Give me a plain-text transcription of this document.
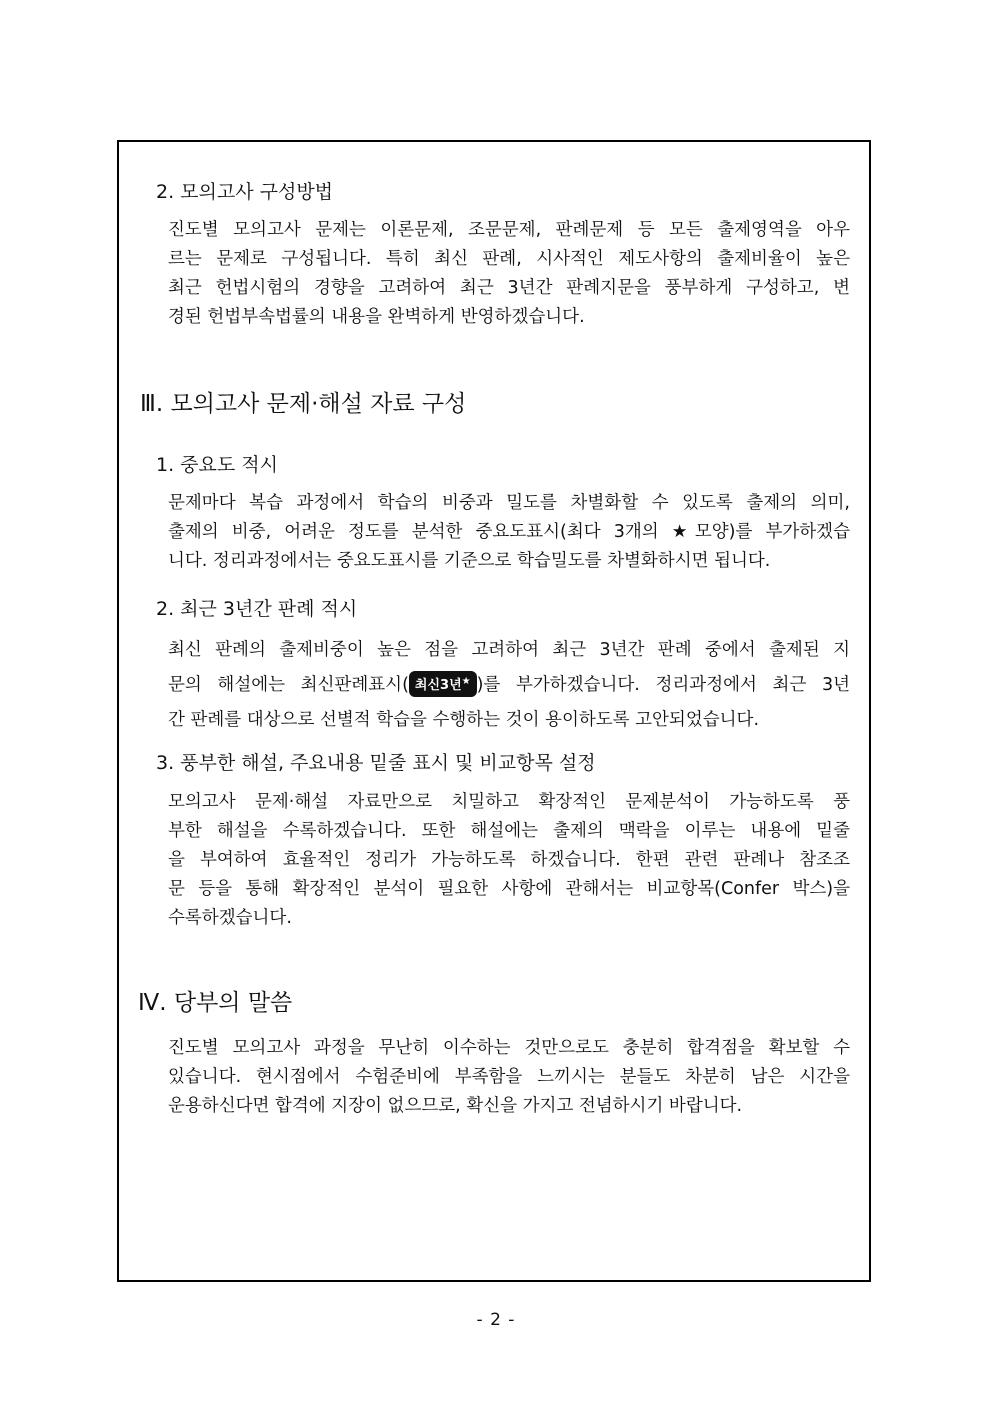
2. 모의고사 구성방법
진도별 모의고사 문제는 이론문제, 조문문제, 판례문제 등 모든 출제영역을 아우
르는 문제로 구성됩니다. 특히 최신 판례, 시사적인 제도사항의 출제비율이 높은
최근 헌법시험의 경향을 고려하여 최근 3년간 판례지문을 풍부하게 구성하고, 변
경된 헌법부속법률의 내용을 완벽하게 반영하겠습니다.
Ⅲ. 모의고사 문제·해설 자료 구성
1. 중요도 적시
문제마다 복습 과정에서 학습의 비중과 밀도를 차별화할 수 있도록 출제의 의미,
출제의 비중, 어려운 정도를 분석한 중요도표시(최다 3개의 ★모양)를 부가하겠습
니다. 정리과정에서는 중요도표시를 기준으로 학습밀도를 차별화하시면 됩니다.
2. 최근 3년간 판례 적시
최신 판례의 출제비중이 높은 점을 고려하여 최근 3년간 판례 중에서 출제된 지
문의 해설에는 최신판례표시( 최신3년★ )를 부가하겠습니다. 정리과정에서 최근 3년
간 판례를 대상으로 선별적 학습을 수행하는 것이 용이하도록 고안되었습니다.
3. 풍부한 해설, 주요내용 밑줄 표시 및 비교항목 설정
모의고사 문제·해설 자료만으로 치밀하고 확장적인 문제분석이 가능하도록 풍
부한 해설을 수록하겠습니다. 또한 해설에는 출제의 맥락을 이루는 내용에 밑줄
을 부여하여 효율적인 정리가 가능하도록 하겠습니다. 한편 관련 판례나 참조조
문 등을 통해 확장적인 분석이 필요한 사항에 관해서는 비교항목(Confer 박스)을
수록하겠습니다.
Ⅳ. 당부의 말씀
진도별 모의고사 과정을 무난히 이수하는 것만으로도 충분히 합격점을 확보할 수
있습니다. 현시점에서 수험준비에 부족함을 느끼시는 분들도 차분히 남은 시간을
운용하신다면 합격에 지장이 없으므로, 확신을 가지고 전념하시기 바랍니다.
- 2 -
